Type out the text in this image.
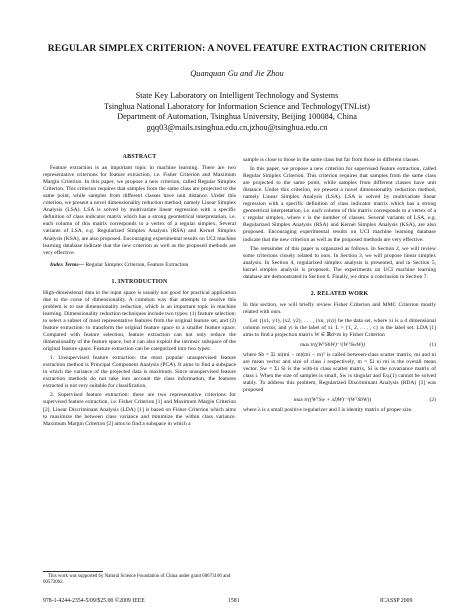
REGULAR SIMPLEX CRITERION: A NOVEL FEATURE EXTRACTION CRITERION
Quanquan Gu and Jie Zhou
State Key Laboratory on Intelligent Technology and Systems
Tsinghua National Laboratory for Information Science and Technology(TNList)
Department of Automation, Tsinghua University, Beijing 100084, China
gqq03@mails.tsinghua.edu.cn,jzhou@tsinghua.edu.cn
ABSTRACT

Feature extraction is an important topic in machine learning. There are two representative criterions for feature extraction, i.e. Fisher Criterion and Maximum Margin Criterion. In this paper, we propose a new criterion, called Regular Simplex Criterion. This criterion requires that samples from the same class are projected to the same point, while samples from different classes have unit distance. Under this criterion, we present a novel dimensionality reduction method, namely Linear Simplex Analysis (LSA). LSA is solved by multivariate linear regression with a specific definition of class indicator matrix which has a strong geometrical interpretation, i.e. each column of this matrix corresponds to a vertex of a regular simplex. Several variants of LSA, e.g. Regularized Simplex Analysis (RSA) and Kernel Simplex Analysis (KSA), are also proposed. Encouraging experimental results on UCI machine learning database indicate that the new criterion as well as the proposed methods are very effective.

Index Terms— Regular Simplex Criterion, Feature Extraction

1. INTRODUCTION

High-dimensional data in the input space is usually not good for practical application due to the curse of dimensionality. A common way that attempts to resolve this problem is to use dimensionality reduction, which is an important topic in machine learning. Dimensionality reduction techniques include two types: (1) feature selection: to select a subset of most representative features from the original feature set, and (2) feature extraction: to transform the original feature space to a smaller feature space. Compared with feature selection, feature extraction can not only reduce the dimensionality of the feature space, but it can also exploit the intrinsic subspace of the original feature space. Feature extraction can be categorized into two types:

1. Unsupervised feature extraction: the most popular unsupervised feature extraction method is Principal Component Analysis (PCA). It aims to find a subspace in which the variance of the projected data is maximum. Since unsupervised feature extraction methods do not take into account the class information, the features extracted is not very suitable for classification.

2. Supervised feature extraction: there are two representative criterions for supervised feature extraction, i.e. Fisher Criterion [1] and Maximum Margin Criterion [2]. Linear Discriminant Analysis (LDA) [1] is based on Fisher Criterion which aims to maximize the between class variance and minimize the within class variance. Maximum Margin Criterion [2] aims to find a subspace in which a

This work was supported by Natural Science Foundation of China under grant 60673106 and 60573062.

sample is close to those in the same class but far from those in different classes.

In this paper, we propose a new criterion for supervised feature extraction, called Regular Simplex Criterion. This criterion requires that samples from the same class are projected to the same point, while samples from different classes have unit distance. Under this criterion, we present a novel dimensionality reduction method, namely Linear Simplex Analysis (LSA). LSA is solved by multivariate linear regression with a specific definition of class indicator matrix which has a strong geometrical interpretation, i.e. each column of this matrix corresponds to a vertex of a c regular simplex, where c is the number of classes. Several variants of LSA, e.g. Regularized Simplex Analysis (RSA) and Kernel Simplex Analysis (KSA), are also proposed. Encouraging experimental results on UCI machine learning database indicate that the new criterion as well as the proposed methods are very effective.

The remainder of this paper is organized as follows. In Section 2, we will review some criterions closely related to ours. In Section 3, we will propose linear simplex analysis. In Section 4, regularized simplex analysis is presented, and in Section 5, kernel simplex analysis is proposed. The experiments on UCI machine learning database are demonstrated in Section 6. Finally, we draw a conclusion in Section 7.

2. RELATED WORK

In this section, we will briefly review Fisher Criterion and MMC Criterion mostly related with ours.

Let {(x1, y1), (x2, y2), . . . , (xn, yn)} be the data set, where xi is a d dimensional column vector, and yi is the label of xi. L = {1, 2, . . . , c} is the label set. LDA [1] aims to find a projection matrix W ∈ ℝd×m by Fisher Criterion

max tr((WᵀSbW)⁻¹(WᵀSwW))	(1)

where Sb = Σi ni(mi − m)(mi − m)ᵀ is called between-class scatter matrix, mi and ni are mean vector and size of class i respectively, m = Σi ni mi is the overall mean vector. Sw = Σi Si is the with-in class scatter matrix, Si is the covariance matrix of class i. When the size of samples is small, Sw is singular and Eq.(1) cannot be solved stably. To address this problem, Regularized Discriminant Analysis (RDA) [3] was proposed

max tr((WᵀSw + λI)W)⁻¹(WᵀSbW))	(2)

where λ is a small positive regularizer and I is identity matrix of proper size.

978-1-4244-2354-5/09/$25.00 ©2009 IEEE	1581	ICASSP 2009
